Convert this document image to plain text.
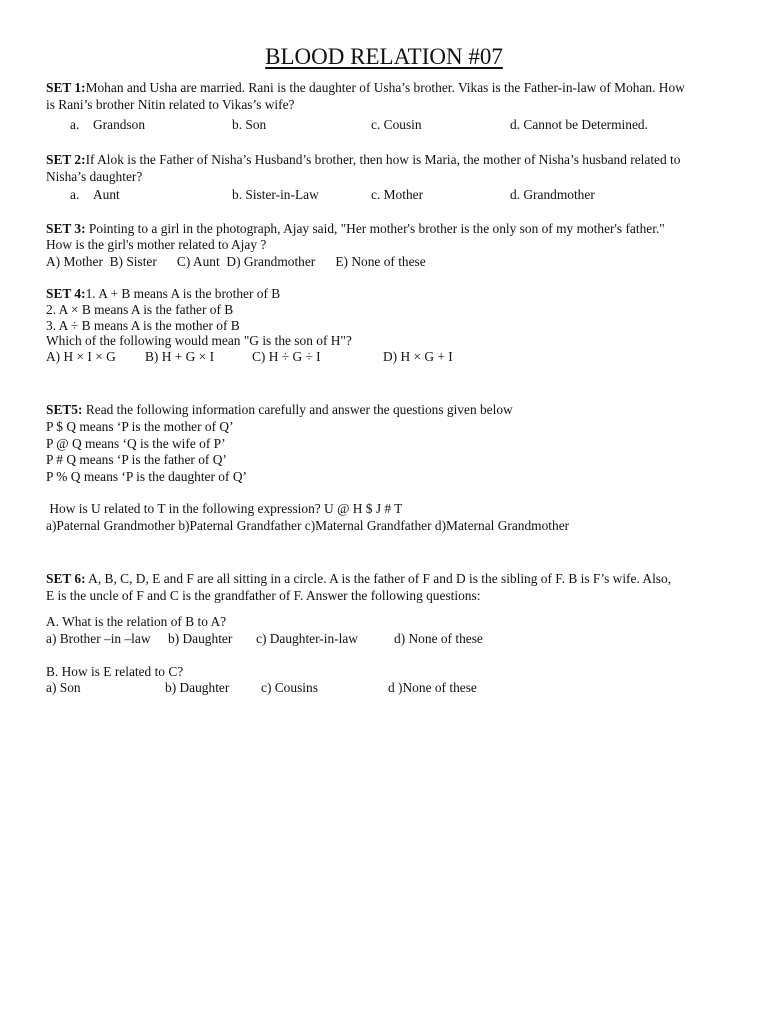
BLOOD RELATION #07
SET 1:Mohan and Usha are married. Rani is the daughter of Usha’s brother. Vikas is the Father-in-law of Mohan. How
is Rani’s brother Nitin related to Vikas’s wife?
a. Grandson	b. Son	c. Cousin	d. Cannot be Determined.
SET 2:If Alok is the Father of Nisha’s Husband’s brother, then how is Maria, the mother of Nisha’s husband related to
Nisha’s daughter?
a. Aunt	b. Sister-in-Law	c. Mother	d. Grandmother
SET 3: Pointing to a girl in the photograph, Ajay said, "Her mother's brother is the only son of my mother's father."
How is the girl's mother related to Ajay ?
A) Mother  B) Sister      C) Aunt  D) Grandmother      E) None of these
SET 4:1. A + B means A is the brother of B
2. A × B means A is the father of B
3. A ÷ B means A is the mother of B
Which of the following would mean "G is the son of H"?
A) H × I × G B) H + G × I	C) H ÷ G ÷ I	D) H × G + I
SET5: Read the following information carefully and answer the questions given below
P $ Q means ‘P is the mother of Q’
P @ Q means ‘Q is the wife of P’
P # Q means ‘P is the father of Q’
P % Q means ‘P is the daughter of Q’
How is U related to T in the following expression? U @ H $ J # T
a)Paternal Grandmother b)Paternal Grandfather c)Maternal Grandfather d)Maternal Grandmother
SET 6: A, B, C, D, E and F are all sitting in a circle. A is the father of F and D is the sibling of F. B is F’s wife. Also,
E is the uncle of F and C is the grandfather of F. Answer the following questions:
A. What is the relation of B to A?
a) Brother –in –law b) Daughter c) Daughter-in-law	d) None of these
B. How is E related to C?
a) Son	b) Daughter c) Cousins	d )None of these
